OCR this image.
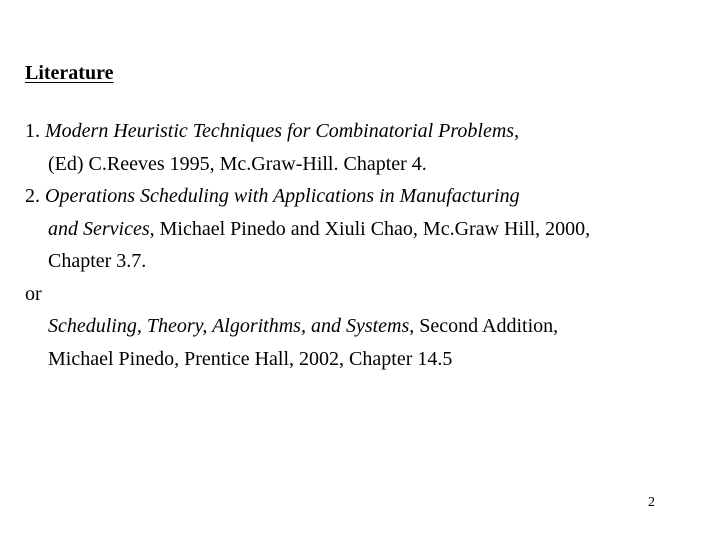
Literature
1. Modern Heuristic Techniques for Combinatorial Problems,
(Ed) C.Reeves 1995, Mc.Graw-Hill. Chapter 4.
2. Operations Scheduling with Applications in Manufacturing
and Services, Michael Pinedo and Xiuli Chao, Mc.Graw Hill, 2000,
Chapter 3.7.
or
Scheduling, Theory, Algorithms, and Systems, Second Addition,
Michael Pinedo, Prentice Hall, 2002, Chapter 14.5
2
